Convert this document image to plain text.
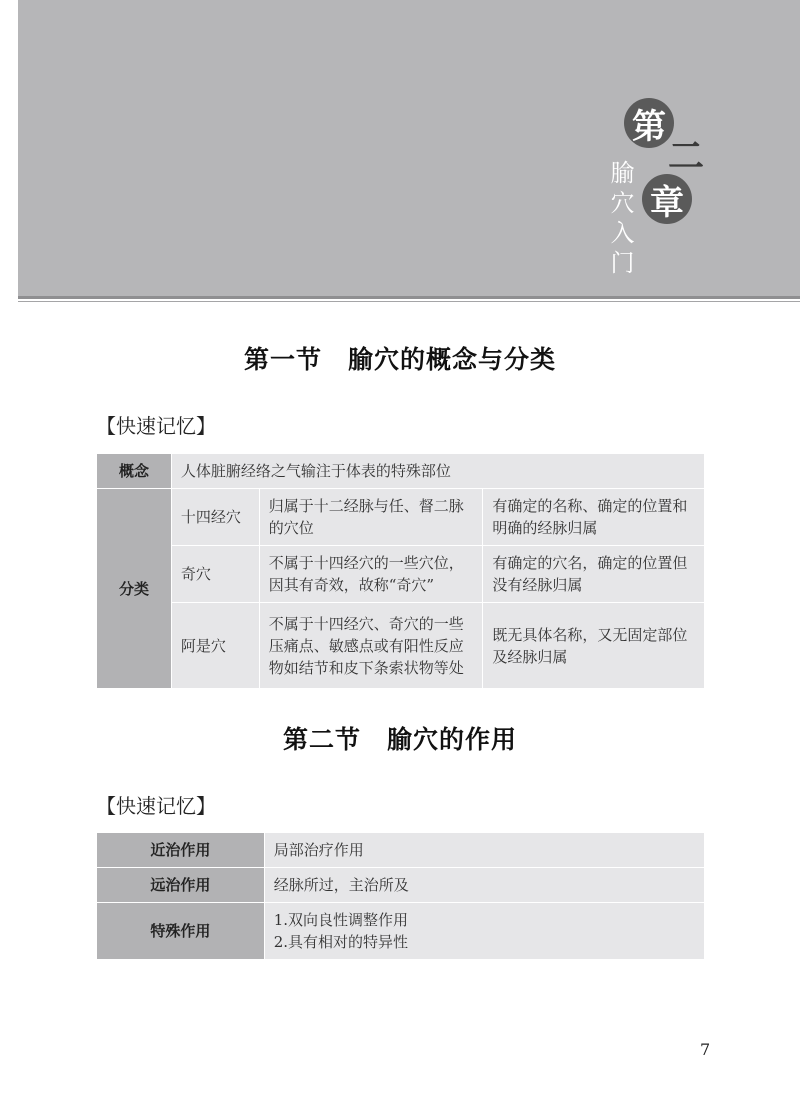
第
二
章
腧穴入门
第一节　腧穴的概念与分类

【快速记忆】

概念	人体脏腑经络之气输注于体表的特殊部位		
分类	十四经穴	归属于十二经脉与任、督二脉的穴位	有确定的名称、确定的位置和明确的经脉归属
	奇穴	不属于十四经穴的一些穴位，因其有奇效，故称“奇穴”	有确定的穴名，确定的位置但没有经脉归属
	阿是穴	不属于十四经穴、奇穴的一些压痛点、敏感点或有阳性反应物如结节和皮下条索状物等处	既无具体名称，又无固定部位及经脉归属
第二节　腧穴的作用

【快速记忆】

近治作用	局部治疗作用
远治作用	经脉所过，主治所及
特殊作用	1.双向良性调整作用
2.具有相对的特异性
7
